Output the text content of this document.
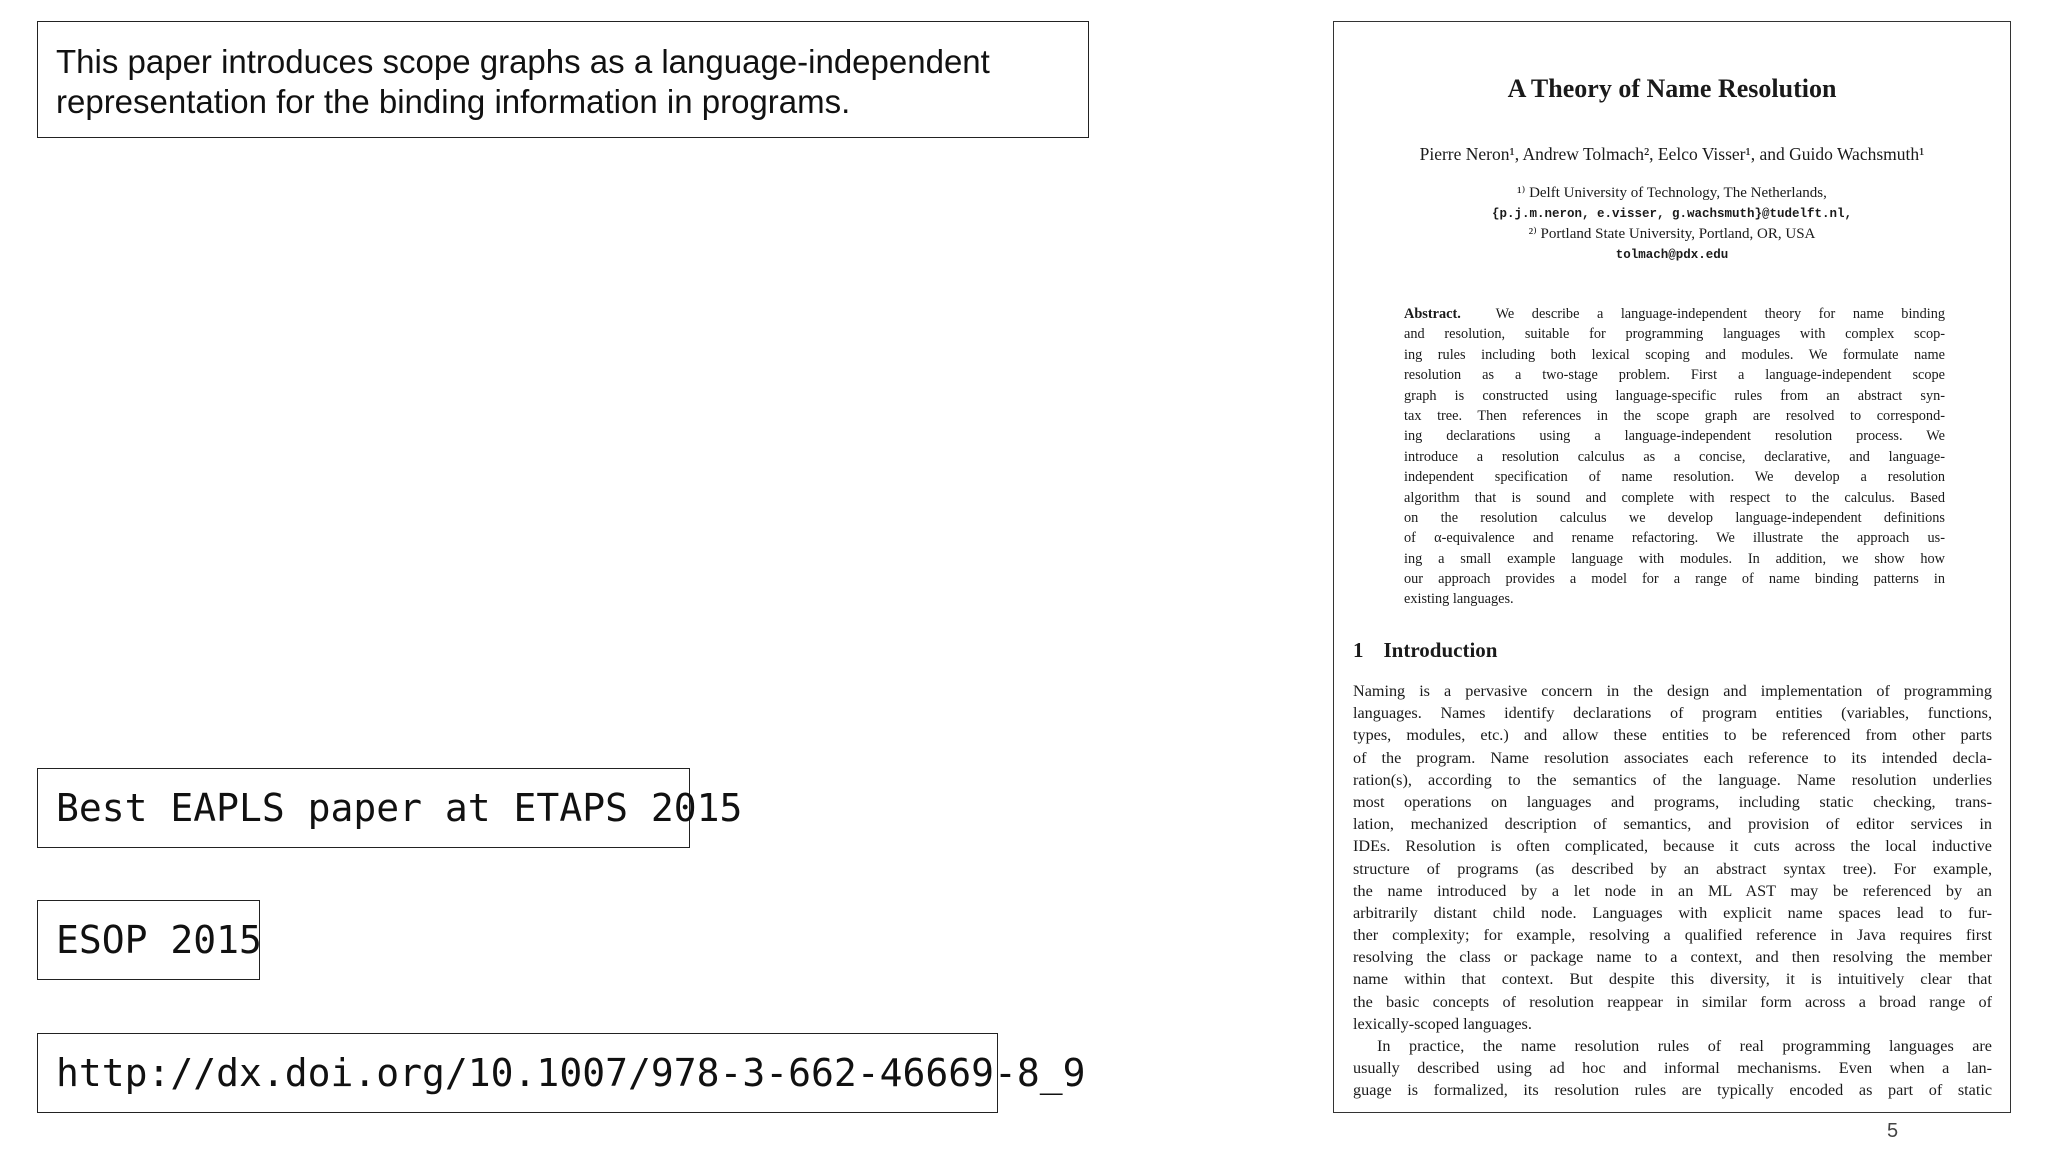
This paper introduces scope graphs as a language-independent
representation for the binding information in programs.
Best EAPLS paper at ETAPS 2015
ESOP 2015
http://dx.doi.org/10.1007/978-3-662-46669-8_9
A Theory of Name Resolution
Pierre Neron¹, Andrew Tolmach², Eelco Visser¹, and Guido Wachsmuth¹
¹⁾ Delft University of Technology, The Netherlands,
{p.j.m.neron, e.visser, g.wachsmuth}@tudelft.nl,
²⁾ Portland State University, Portland, OR, USA
tolmach@pdx.edu
Abstract. We describe a language-independent theory for name binding
and resolution, suitable for programming languages with complex scop-
ing rules including both lexical scoping and modules. We formulate name
resolution as a two-stage problem. First a language-independent scope
graph is constructed using language-specific rules from an abstract syn-
tax tree. Then references in the scope graph are resolved to correspond-
ing declarations using a language-independent resolution process. We
introduce a resolution calculus as a concise, declarative, and language-
independent specification of name resolution. We develop a resolution
algorithm that is sound and complete with respect to the calculus. Based
on the resolution calculus we develop language-independent definitions
of α-equivalence and rename refactoring. We illustrate the approach us-
ing a small example language with modules. In addition, we show how
our approach provides a model for a range of name binding patterns in
existing languages.
1 Introduction
Naming is a pervasive concern in the design and implementation of programming
languages. Names identify declarations of program entities (variables, functions,
types, modules, etc.) and allow these entities to be referenced from other parts
of the program. Name resolution associates each reference to its intended decla-
ration(s), according to the semantics of the language. Name resolution underlies
most operations on languages and programs, including static checking, trans-
lation, mechanized description of semantics, and provision of editor services in
IDEs. Resolution is often complicated, because it cuts across the local inductive
structure of programs (as described by an abstract syntax tree). For example,
the name introduced by a let node in an ML AST may be referenced by an
arbitrarily distant child node. Languages with explicit name spaces lead to fur-
ther complexity; for example, resolving a qualified reference in Java requires first
resolving the class or package name to a context, and then resolving the member
name within that context. But despite this diversity, it is intuitively clear that
the basic concepts of resolution reappear in similar form across a broad range of
lexically-scoped languages.
In practice, the name resolution rules of real programming languages are
usually described using ad hoc and informal mechanisms. Even when a lan-
guage is formalized, its resolution rules are typically encoded as part of static
5
